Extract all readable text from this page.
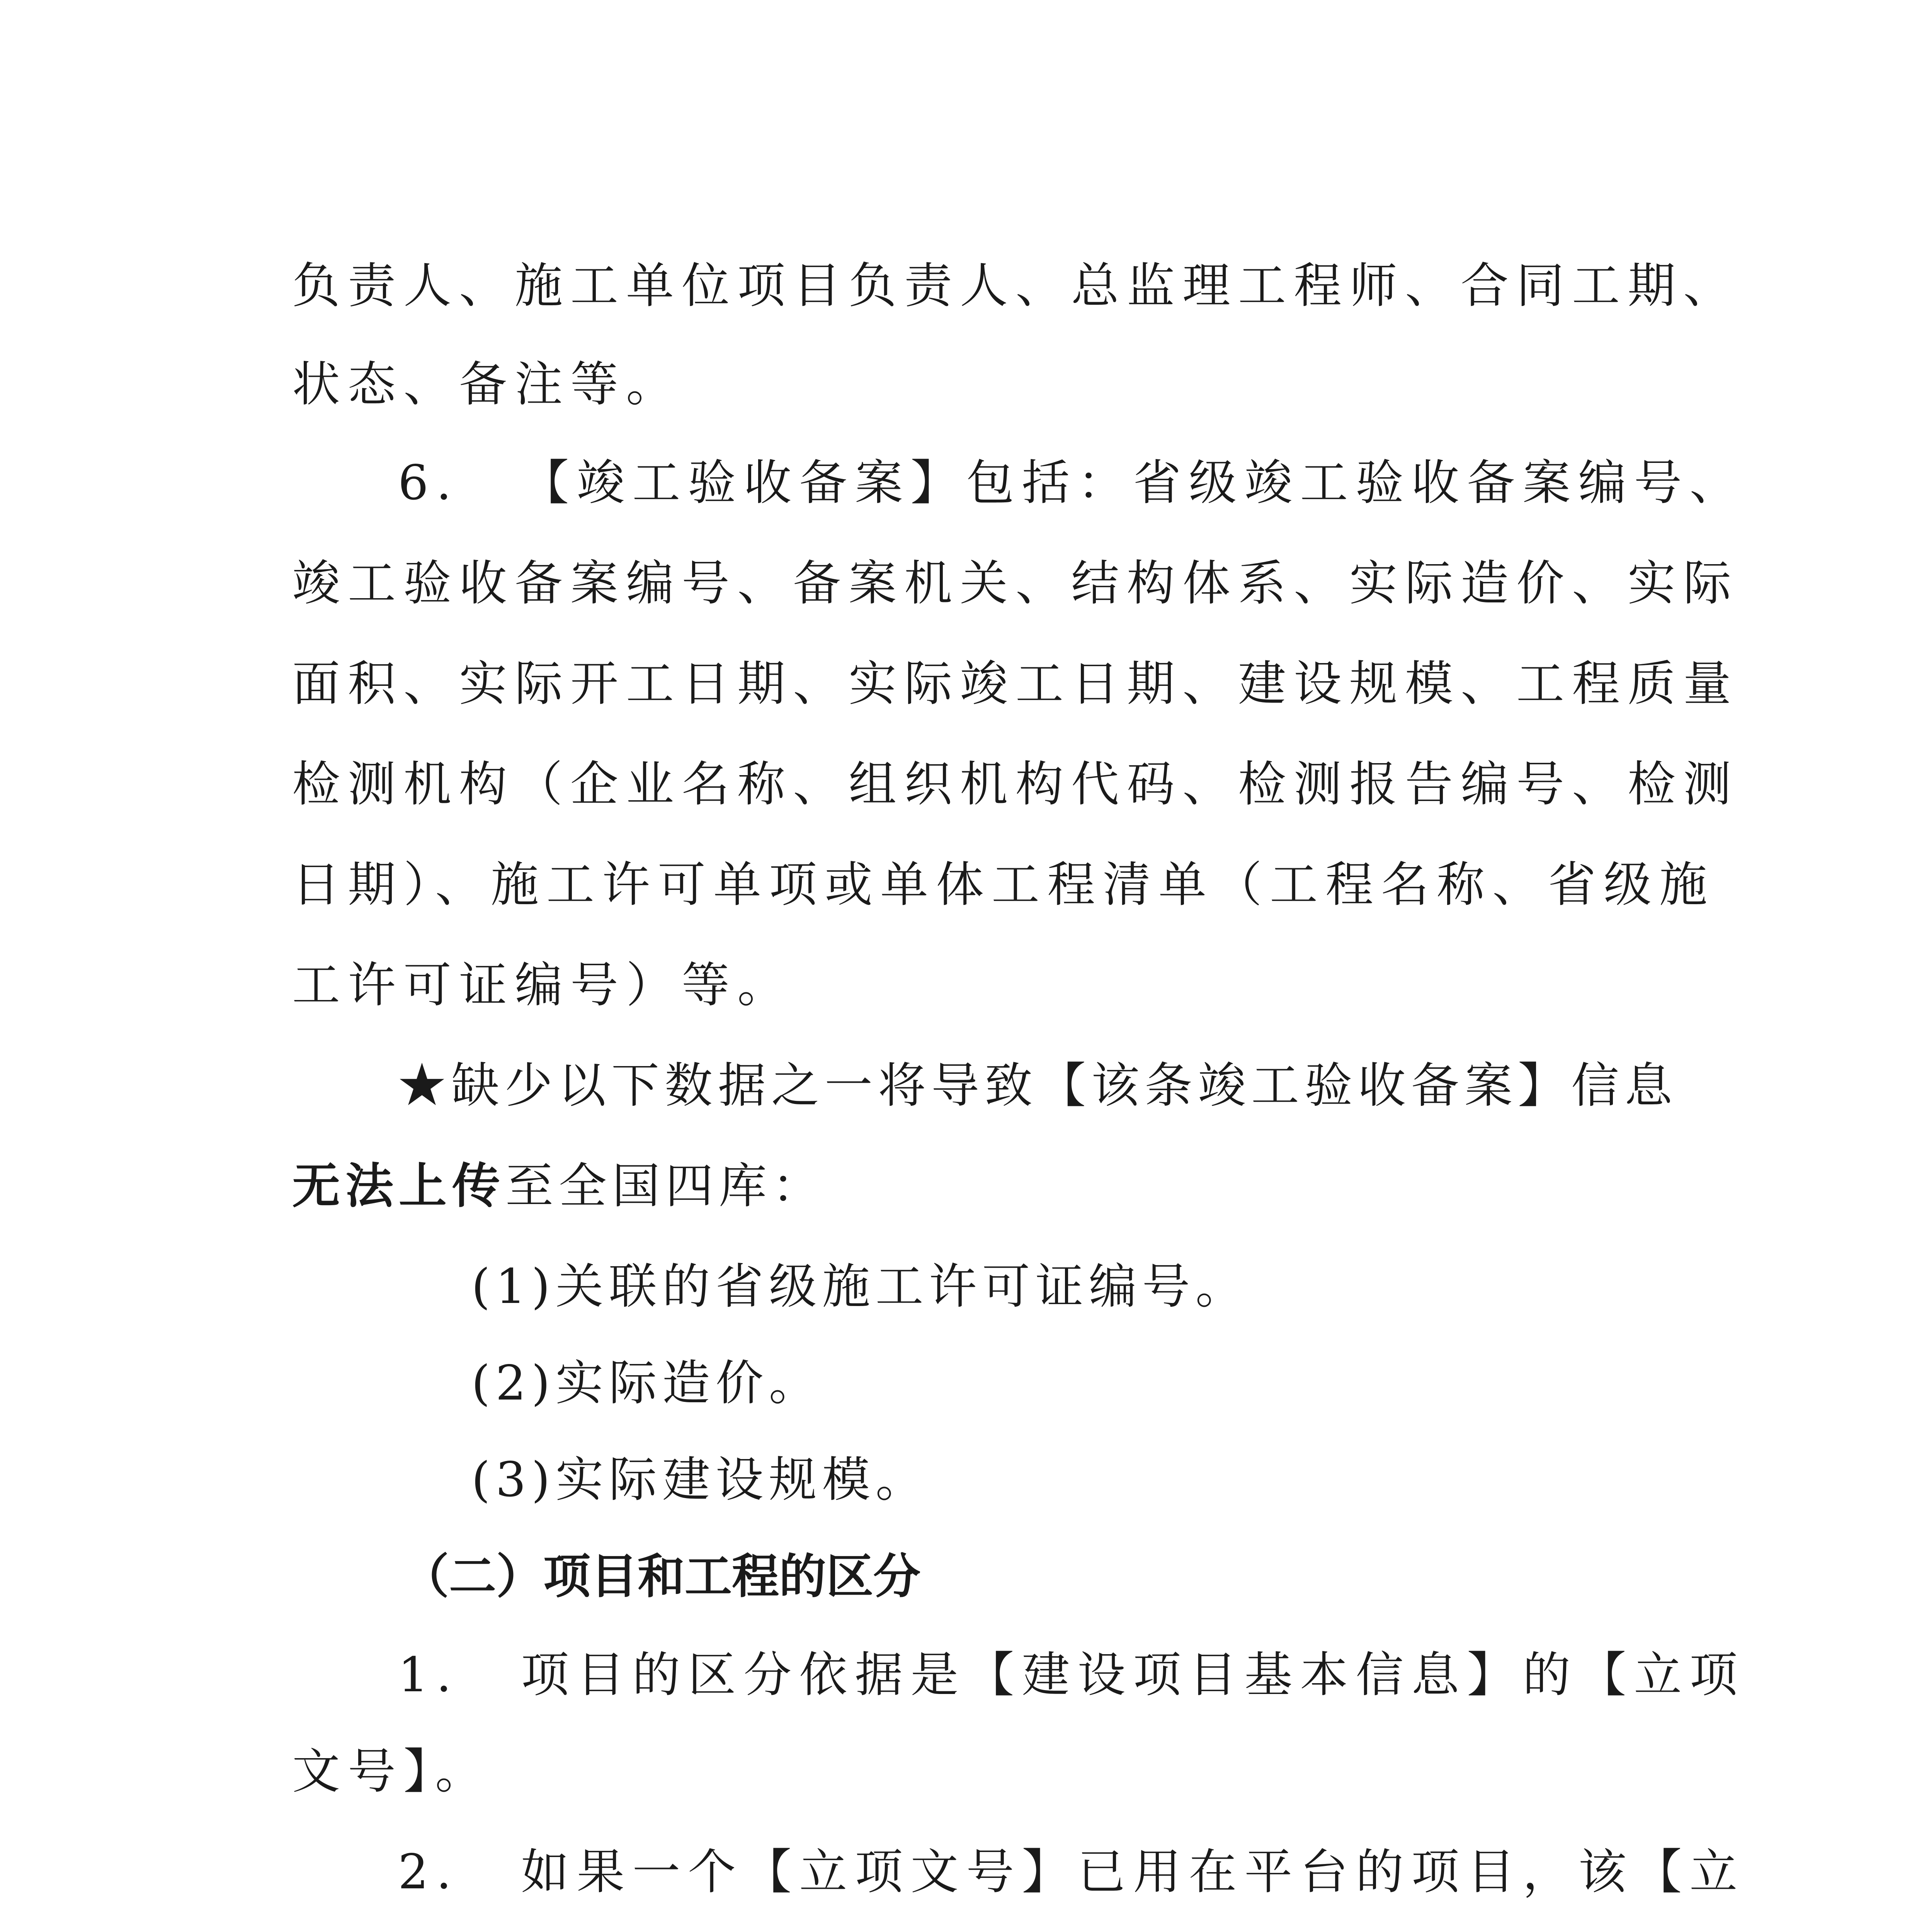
负责人、施工单位项目负责人、总监理工程师、合同工期、
状态、备注等。
6. 【竣工验收备案】包括：省级竣工验收备案编号、
竣工验收备案编号、备案机关、结构体系、实际造价、实际
面积、实际开工日期、实际竣工日期、建设规模、工程质量
检测机构（企业名称、组织机构代码、检测报告编号、检测
日期）、施工许可单项或单体工程清单（工程名称、省级施
工许可证编号）等。
★缺少以下数据之一将导致【该条竣工验收备案】信息
无法上传至全国四库：
(1)关联的省级施工许可证编号。
(2)实际造价。
(3)实际建设规模。
（二）项目和工程的区分
1. 项目的区分依据是【建设项目基本信息】的【立项
文号】。
2. 如果一个【立项文号】已用在平台的项目，该【立
